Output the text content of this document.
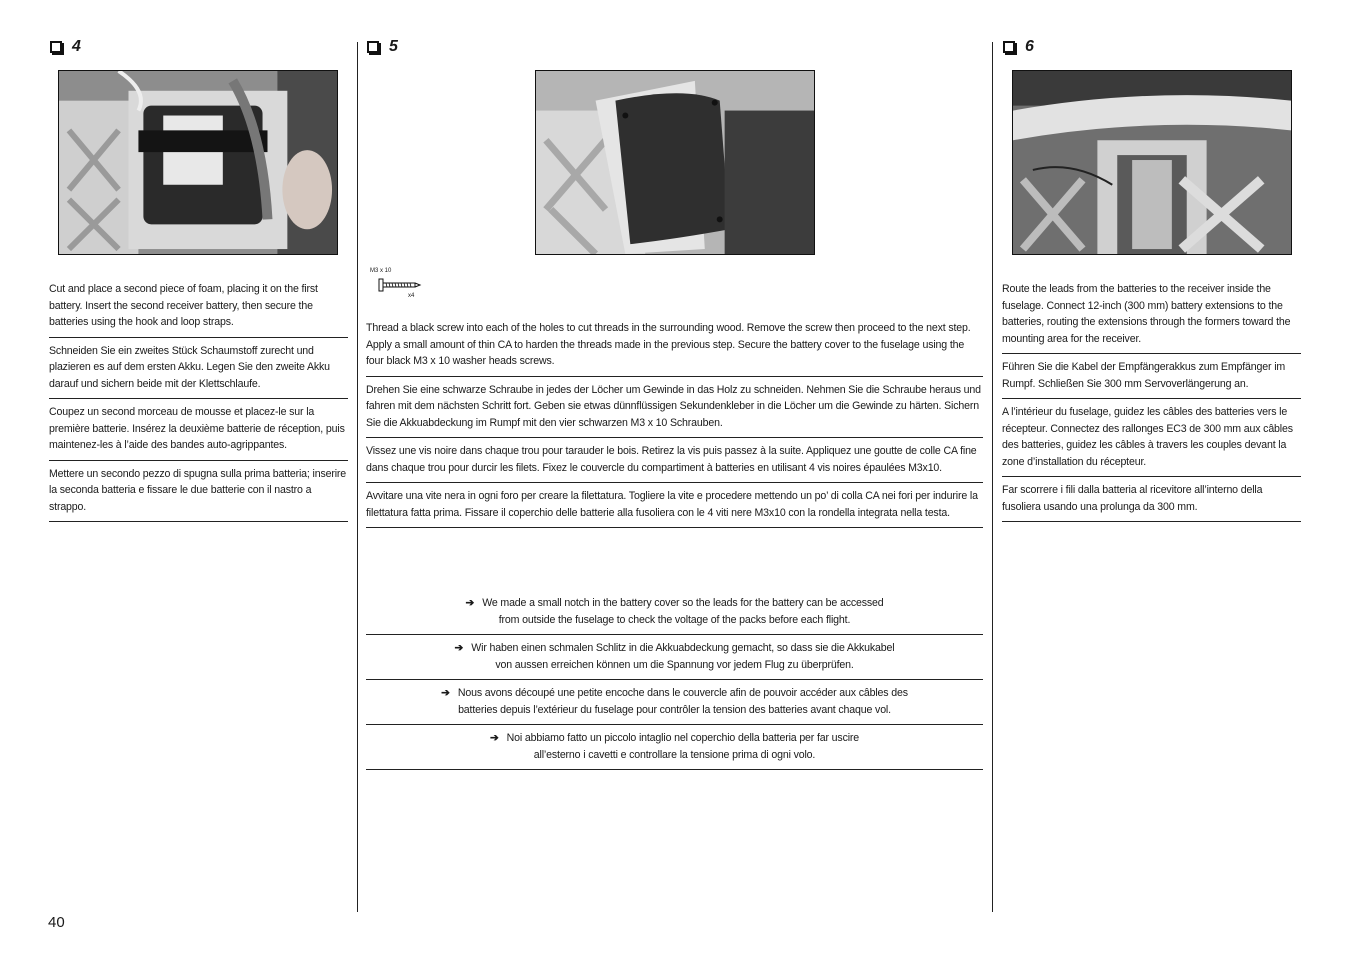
4

Cut and place a second piece of foam, placing it on the first battery. Insert the second receiver battery, then secure the batteries using the hook and loop straps.

Schneiden Sie ein zweites Stück Schaumstoff zurecht und plazieren es auf dem ersten Akku. Legen Sie den zweite Akku darauf und sichern beide mit der Klettschlaufe.

Coupez un second morceau de mousse et placez-le sur la première batterie. Insérez la deuxième batterie de réception, puis maintenez-les à l’aide des bandes auto-agrippantes.

Mettere un secondo pezzo di spugna sulla prima batteria; inserire la seconda batteria e fissare le due batterie con il nastro a strappo.

5
M3 x 10
x4

Thread a black screw into each of the holes to cut threads in the surrounding wood. Remove the screw then proceed to the next step. Apply a small amount of thin CA to harden the threads made in the previous step. Secure the battery cover to the fuselage using the four black M3 x 10 washer heads screws.

Drehen Sie eine schwarze Schraube in jedes der Löcher um Gewinde in das Holz zu schneiden. Nehmen Sie die Schraube heraus und fahren mit dem nächsten Schritt fort. Geben sie etwas dünnflüssigen Sekundenkleber in die Löcher um die Gewinde zu härten. Sichern Sie die Akkuabdeckung im Rumpf mit den vier schwarzen M3 x 10 Schrauben.

Vissez une vis noire dans chaque trou pour tarauder le bois. Retirez la vis puis passez à la suite. Appliquez une goutte de colle CA fine dans chaque trou pour durcir les filets. Fixez le couvercle du compartiment à batteries en utilisant 4 vis noires épaulées M3x10.

Avvitare una vite nera in ogni foro per creare la filettatura. Togliere la vite e procedere mettendo un po’ di colla CA nei fori per indurire la filettatura fatta prima. Fissare il coperchio delle batterie alla fusoliera con le 4 viti nere M3x10 con la rondella integrata nella testa.

➔ We made a small notch in the battery cover so the leads for the battery can be accessed
from outside the fuselage to check the voltage of the packs before each flight.
➔ Wir haben einen schmalen Schlitz in die Akkuabdeckung gemacht, so dass sie die Akkukabel
von aussen erreichen können um die Spannung vor jedem Flug zu überprüfen.
➔ Nous avons découpé une petite encoche dans le couvercle afin de pouvoir accéder aux câbles des
batteries depuis l’extérieur du fuselage pour contrôler la tension des batteries avant chaque vol.
➔ Noi abbiamo fatto un piccolo intaglio nel coperchio della batteria per far uscire
all’esterno i cavetti e controllare la tensione prima di ogni volo.
6

Route the leads from the batteries to the receiver inside the fuselage. Connect 12-inch (300 mm) battery extensions to the batteries, routing the extensions through the formers toward the mounting area for the receiver.

Führen Sie die Kabel der Empfängerakkus zum Empfänger im Rumpf. Schließen Sie 300 mm Servoverlängerung an.

A l’intérieur du fuselage, guidez les câbles des batteries vers le récepteur. Connectez des rallonges EC3 de 300 mm aux câbles des batteries, guidez les câbles à travers les couples devant la zone d’installation du récepteur.

Far scorrere i fili dalla batteria al ricevitore all’interno della fusoliera usando una prolunga da 300 mm.

40
